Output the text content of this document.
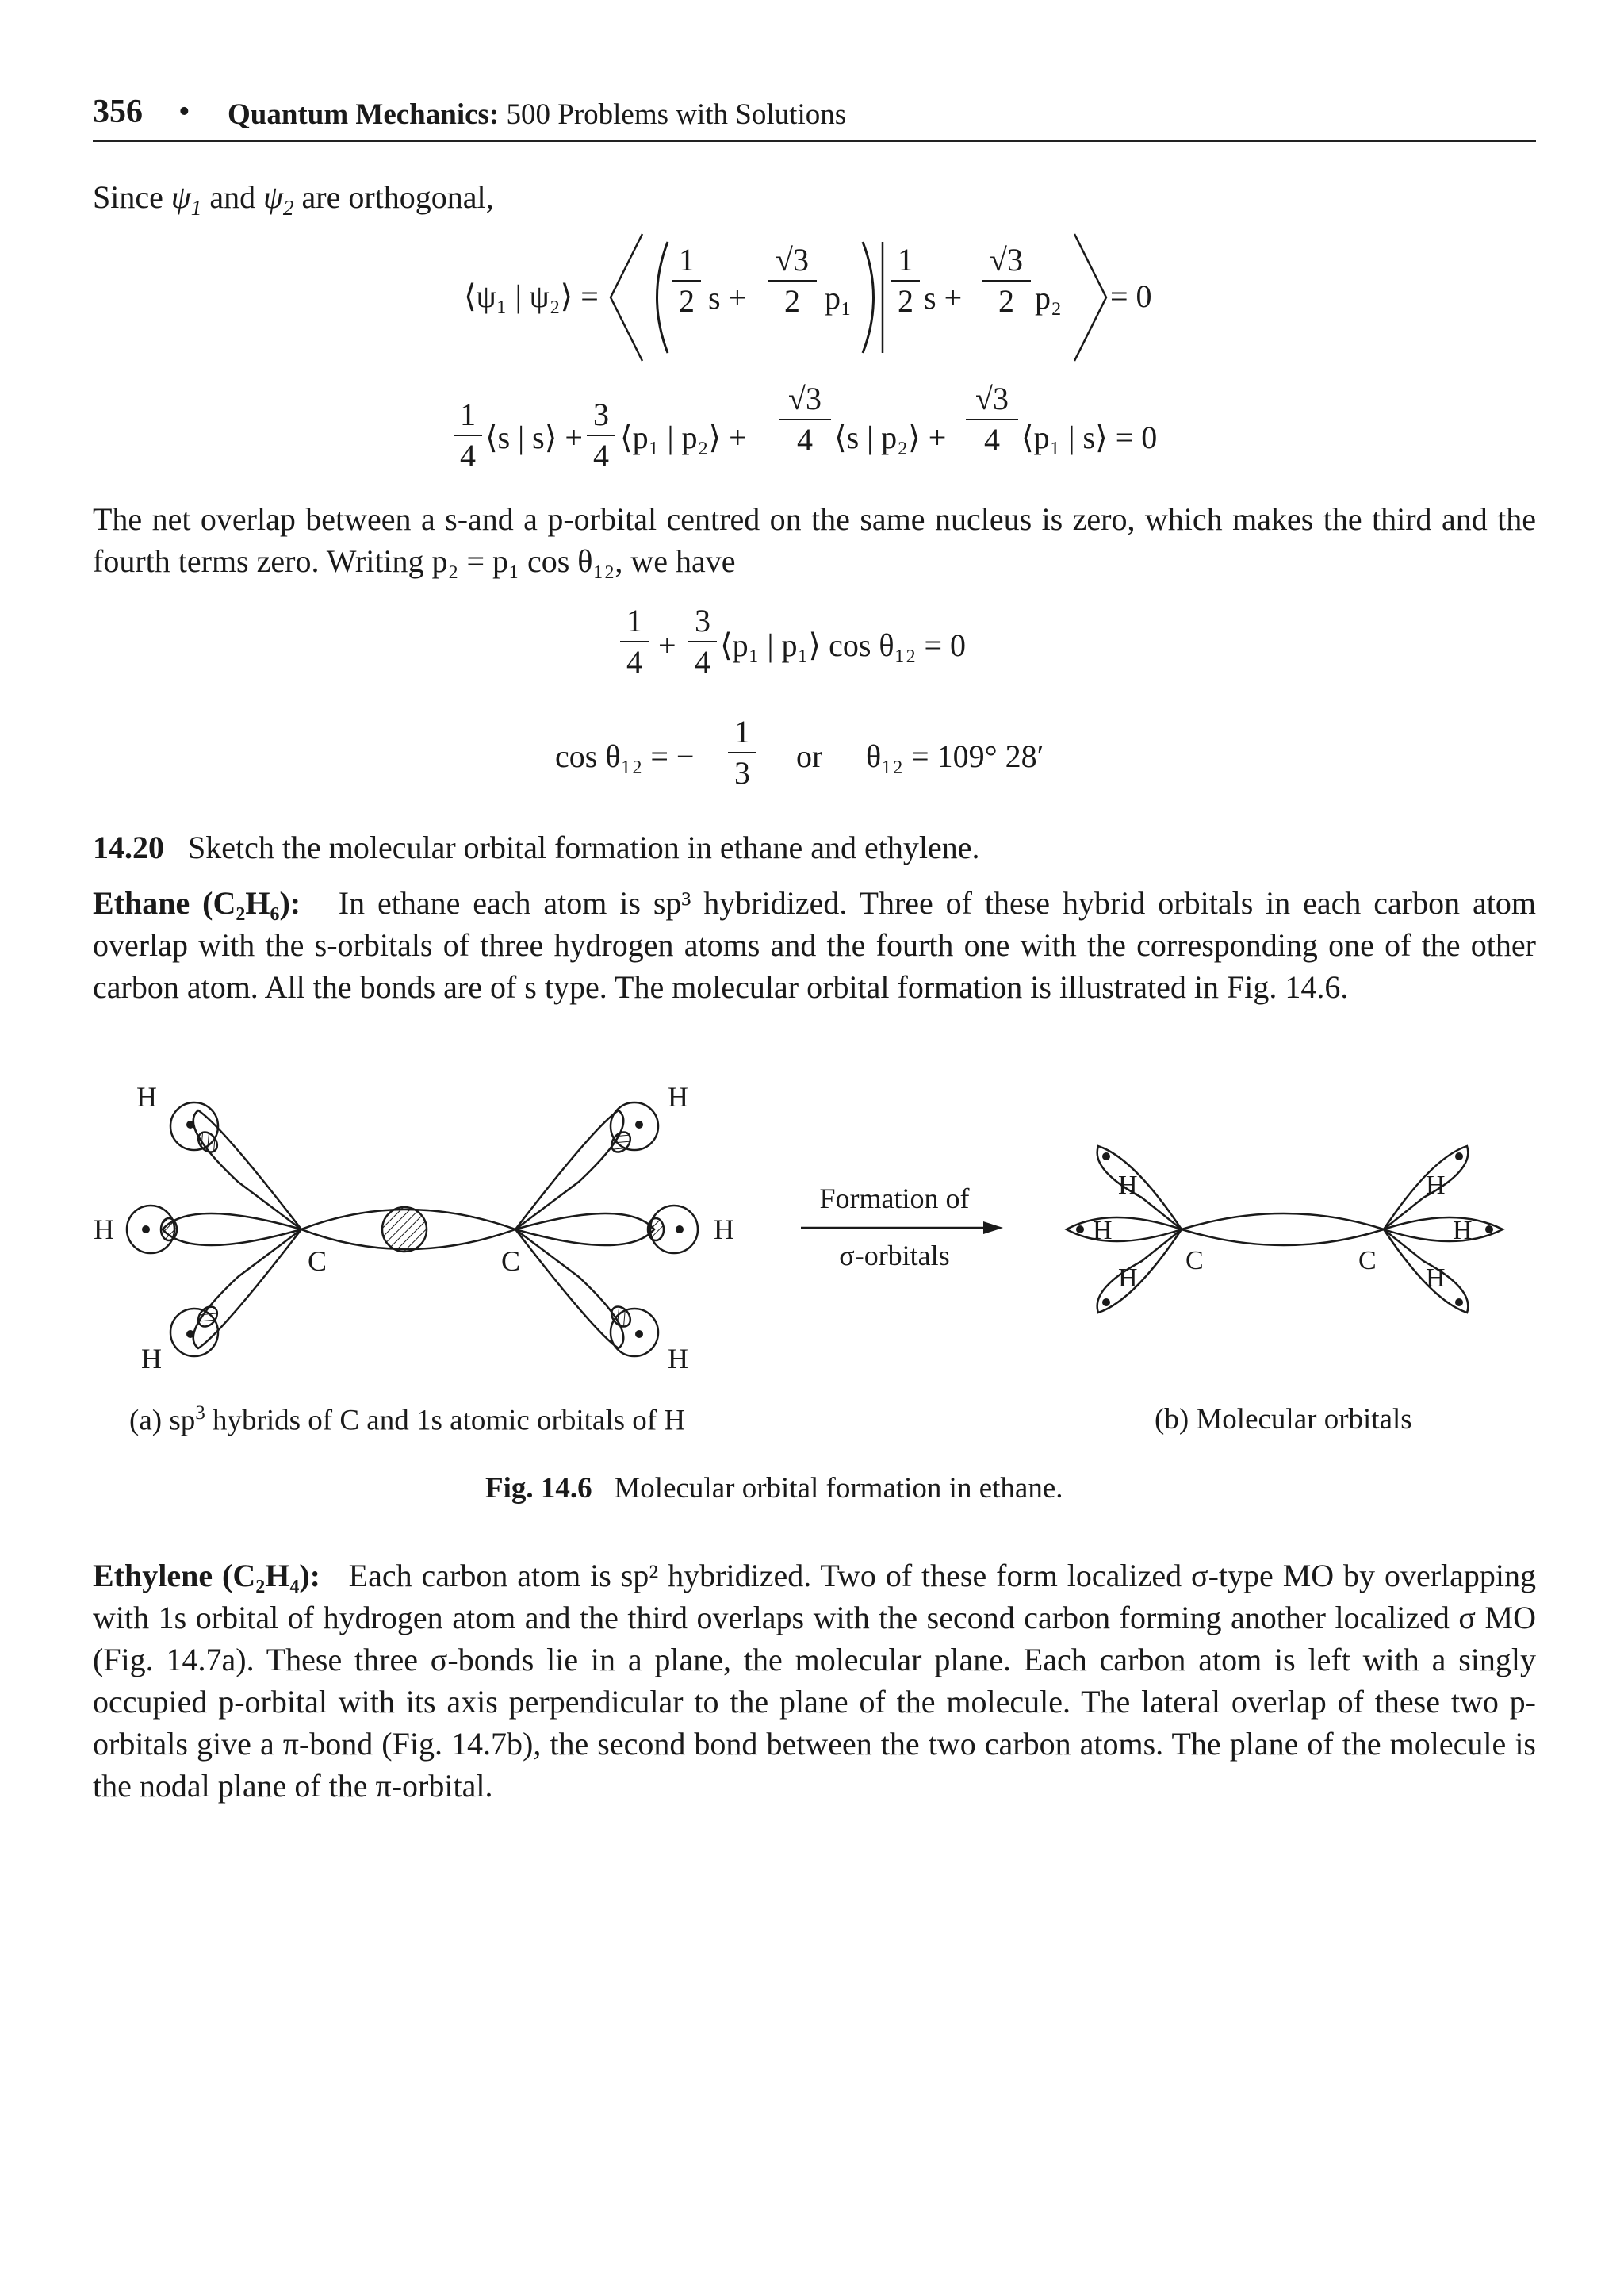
356 • Quantum Mechanics: 500 Problems with Solutions
Since $\psi_1$ and $\psi_2$ are orthogonal,
⟨ψ₁ | ψ₂⟩ =
1
2 s +
√3
2 p₁
1
2 s +
√3
2 p₂ = 0
1
4
⟨s | s⟩ +
3
4
⟨p₁ | p₂⟩ +
√3
4 ⟨s | p₂⟩ +
√3
4 ⟨p₁ | s⟩ = 0
The net overlap between a s-and a p-orbital centred on the same nucleus is zero, which makes the third and the fourth terms zero. Writing p₂ = p₁ cos θ₁₂, we have
1
4 +
3
4 ⟨p₁ | p₁⟩ cos θ₁₂ = 0
cos θ₁₂ = −
1
3 or θ₁₂ = 109° 28′
14.20 Sketch the molecular orbital formation in ethane and ethylene.
Ethane (C₂H₆): In ethane each atom is sp³ hybridized. Three of these hybrid orbitals in each carbon atom overlap with the s-orbitals of three hydrogen atoms and the fourth one with the corresponding one of the other carbon atom. All the bonds are of s type. The molecular orbital formation is illustrated in Fig. 14.6.
H
H
H
H
H
H
C	C
Formation of
σ-orbitals
H
H
H
H
H
H
C	C
(a) $sp^3$ hybrids of C and 1s atomic orbitals of H	(b) Molecular orbitals
Fig. 14.6 Molecular orbital formation in ethane.
Ethylene (C₂H₄): Each carbon atom is sp² hybridized. Two of these form localized σ-type MO by overlapping with 1s orbital of hydrogen atom and the third overlaps with the second carbon forming another localized σ MO (Fig. 14.7a). These three σ-bonds lie in a plane, the molecular plane. Each carbon atom is left with a singly occupied p-orbital with its axis perpendicular to the plane of the molecule. The lateral overlap of these two p-orbitals give a π-bond (Fig. 14.7b), the second bond between the two carbon atoms. The plane of the molecule is the nodal plane of the π-orbital.
